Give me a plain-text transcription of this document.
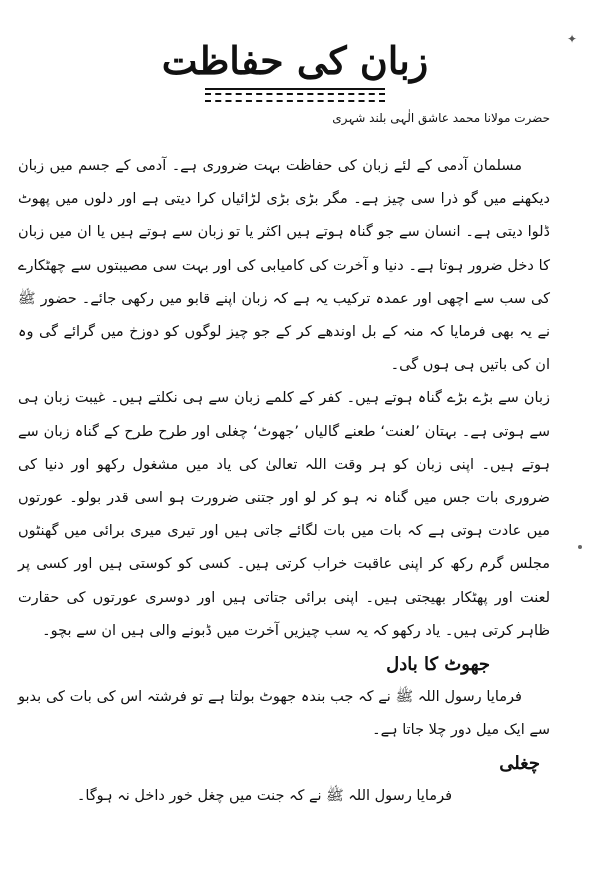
✦
زبان کی حفاظت
حضرت مولانا محمد عاشق الٰہی بلند شہری

مسلمان آدمی کے لئے زبان کی حفاظت بہت ضروری ہے۔ آدمی کے جسم میں زبان دیکھنے میں گو ذرا سی چیز ہے۔ مگر بڑی بڑی لڑائیاں کرا دیتی ہے اور دلوں میں پھوٹ ڈلوا دیتی ہے۔ انسان سے جو گناہ ہوتے ہیں اکثر یا تو زبان سے ہوتے ہیں یا ان میں زبان کا دخل ضرور ہوتا ہے۔ دنیا و آخرت کی کامیابی کی اور بہت سی مصیبتوں سے چھٹکارے کی سب سے اچھی اور عمدہ ترکیب یہ ہے کہ زبان اپنے قابو میں رکھی جائے۔ حضور ﷺ نے یہ بھی فرمایا کہ منہ کے بل اوندھے کر کے جو چیز لوگوں کو دوزخ میں گرائے گی وہ ان کی باتیں ہی ہوں گی۔

زبان سے بڑے بڑے گناہ ہوتے ہیں۔ کفر کے کلمے زبان سے ہی نکلتے ہیں۔ غیبت زبان ہی سے ہوتی ہے۔ بہتان ’لعنت‘ طعنے گالیاں ’جھوٹ‘ چغلی اور طرح طرح کے گناہ زبان سے ہوتے ہیں۔ اپنی زبان کو ہر وقت اللہ تعالیٰ کی یاد میں مشغول رکھو اور دنیا کی ضروری بات جس میں گناہ نہ ہو کر لو اور جتنی ضرورت ہو اسی قدر بولو۔ عورتوں میں عادت ہوتی ہے کہ بات میں بات لگائے جاتی ہیں اور تیری میری برائی میں گھنٹوں مجلس گرم رکھ کر اپنی عاقبت خراب کرتی ہیں۔ کسی کو کوستی ہیں اور کسی پر لعنت اور پھٹکار بھیجتی ہیں۔ اپنی برائی جتاتی ہیں اور دوسری عورتوں کی حقارت ظاہر کرتی ہیں۔ یاد رکھو کہ یہ سب چیزیں آخرت میں ڈبونے والی ہیں ان سے بچو۔

جھوٹ کا بادل

فرمایا رسول اللہ ﷺ نے کہ جب بندہ جھوٹ بولتا ہے تو فرشتہ اس کی بات کی بدبو سے ایک میل دور چلا جاتا ہے۔

چغلی

فرمایا رسول اللہ ﷺ نے کہ جنت میں چغل خور داخل نہ ہوگا۔
